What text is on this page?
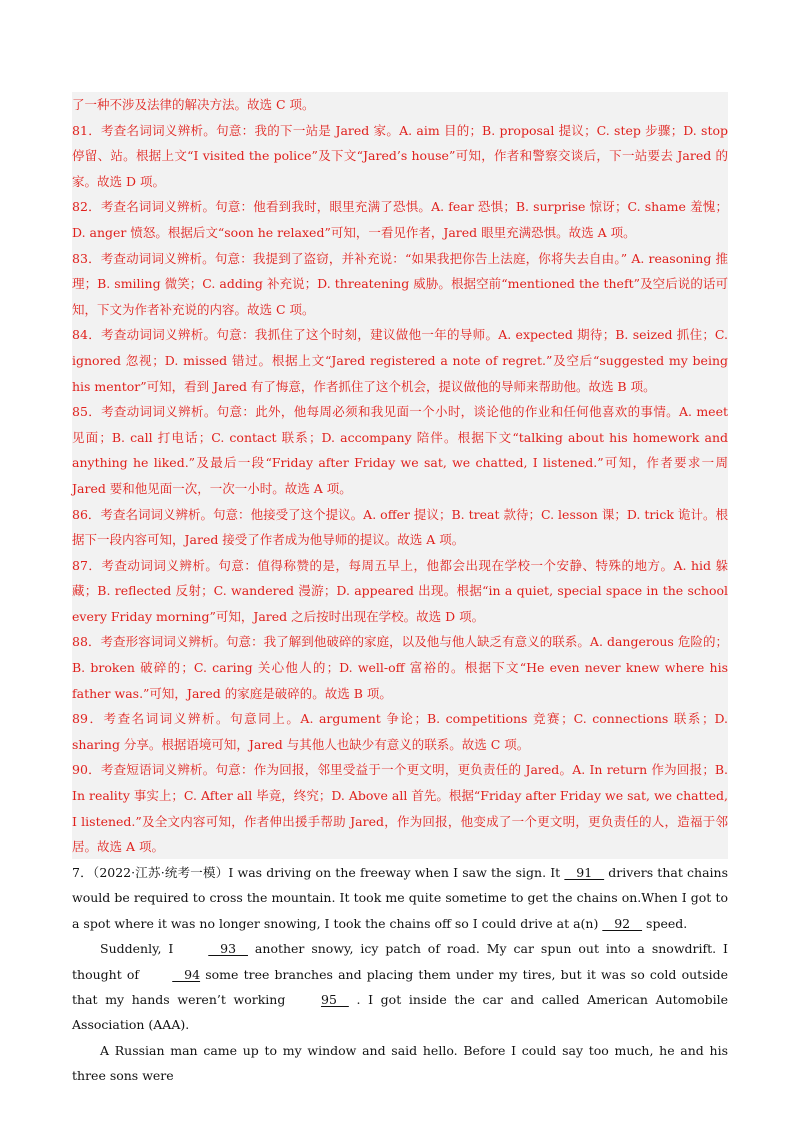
了一种不涉及法律的解决方法。故选 C 项。

81．考查名词词义辨析。句意：我的下一站是 Jared 家。A. aim 目的；B. proposal 提议；C. step 步骤；D. stop 停留、站。根据上文“I visited the police”及下文“Jared’s house”可知，作者和警察交谈后，下一站要去 Jared 的家。故选 D 项。

82．考查名词词义辨析。句意：他看到我时，眼里充满了恐惧。A. fear 恐惧；B. surprise 惊讶；C. shame 羞愧；D. anger 愤怒。根据后文“soon he relaxed”可知，一看见作者，Jared 眼里充满恐惧。故选 A 项。

83．考查动词词义辨析。句意：我提到了盗窃，并补充说：“如果我把你告上法庭，你将失去自由。” A. reasoning 推理；B. smiling 微笑；C. adding 补充说；D. threatening 威胁。根据空前“mentioned the theft”及空后说的话可知，下文为作者补充说的内容。故选 C 项。

84．考查动词词义辨析。句意：我抓住了这个时刻，建议做他一年的导师。A. expected 期待；B. seized 抓住；C. ignored 忽视；D. missed 错过。根据上文“Jared registered a note of regret.”及空后“suggested my being his mentor”可知，看到 Jared 有了悔意，作者抓住了这个机会，提议做他的导师来帮助他。故选 B 项。

85．考查动词词义辨析。句意：此外，他每周必须和我见面一个小时，谈论他的作业和任何他喜欢的事情。A. meet 见面；B. call 打电话；C. contact 联系；D. accompany 陪伴。根据下文“talking about his homework and anything he liked.”及最后一段“Friday after Friday we sat, we chatted, I listened.”可知，作者要求一周 Jared 要和他见面一次，一次一小时。故选 A 项。

86．考查名词词义辨析。句意：他接受了这个提议。A. offer 提议；B. treat 款待；C. lesson 课；D. trick 诡计。根据下一段内容可知，Jared 接受了作者成为他导师的提议。故选 A 项。

87．考查动词词义辨析。句意：值得称赞的是，每周五早上，他都会出现在学校一个安静、特殊的地方。A. hid 躲藏；B. reflected 反射；C. wandered 漫游；D. appeared 出现。根据“in a quiet, special space in the school every Friday morning”可知，Jared 之后按时出现在学校。故选 D 项。

88．考查形容词词义辨析。句意：我了解到他破碎的家庭，以及他与他人缺乏有意义的联系。A. dangerous 危险的；B. broken 破碎的；C. caring 关心他人的；D. well-off 富裕的。根据下文“He even never knew where his father was.”可知，Jared 的家庭是破碎的。故选 B 项。

89．考查名词词义辨析。句意同上。A. argument 争论；B. competitions 竞赛；C. connections 联系；D. sharing 分享。根据语境可知，Jared 与其他人也缺少有意义的联系。故选 C 项。

90．考查短语词义辨析。句意：作为回报，邻里受益于一个更文明，更负责任的 Jared。A. In return 作为回报；B. In reality 事实上；C. After all 毕竟，终究；D. Above all 首先。根据“Friday after Friday we sat, we chatted, I listened.”及全文内容可知，作者伸出援手帮助 Jared，作为回报，他变成了一个更文明，更负责任的人，造福于邻居。故选 A 项。

7．（2022·江苏·统考一模）I was driving on the freeway when I saw the sign. It    91    drivers that chains would be required to cross the mountain. It took me quite sometime to get the chains on.When I got to a spot where it was no longer snowing, I took the chains off so I could drive at a(n)    92    speed.

Suddenly, I    93    another snowy, icy patch of road. My car spun out into a snowdrift. I thought of    94 some tree branches and placing them under my tires, but it was so cold outside that my hands weren’t working 95    . I got inside the car and called American Automobile Association (AAA).

A Russian man came up to my window and said hello. Before I could say too much, he and his three sons were
